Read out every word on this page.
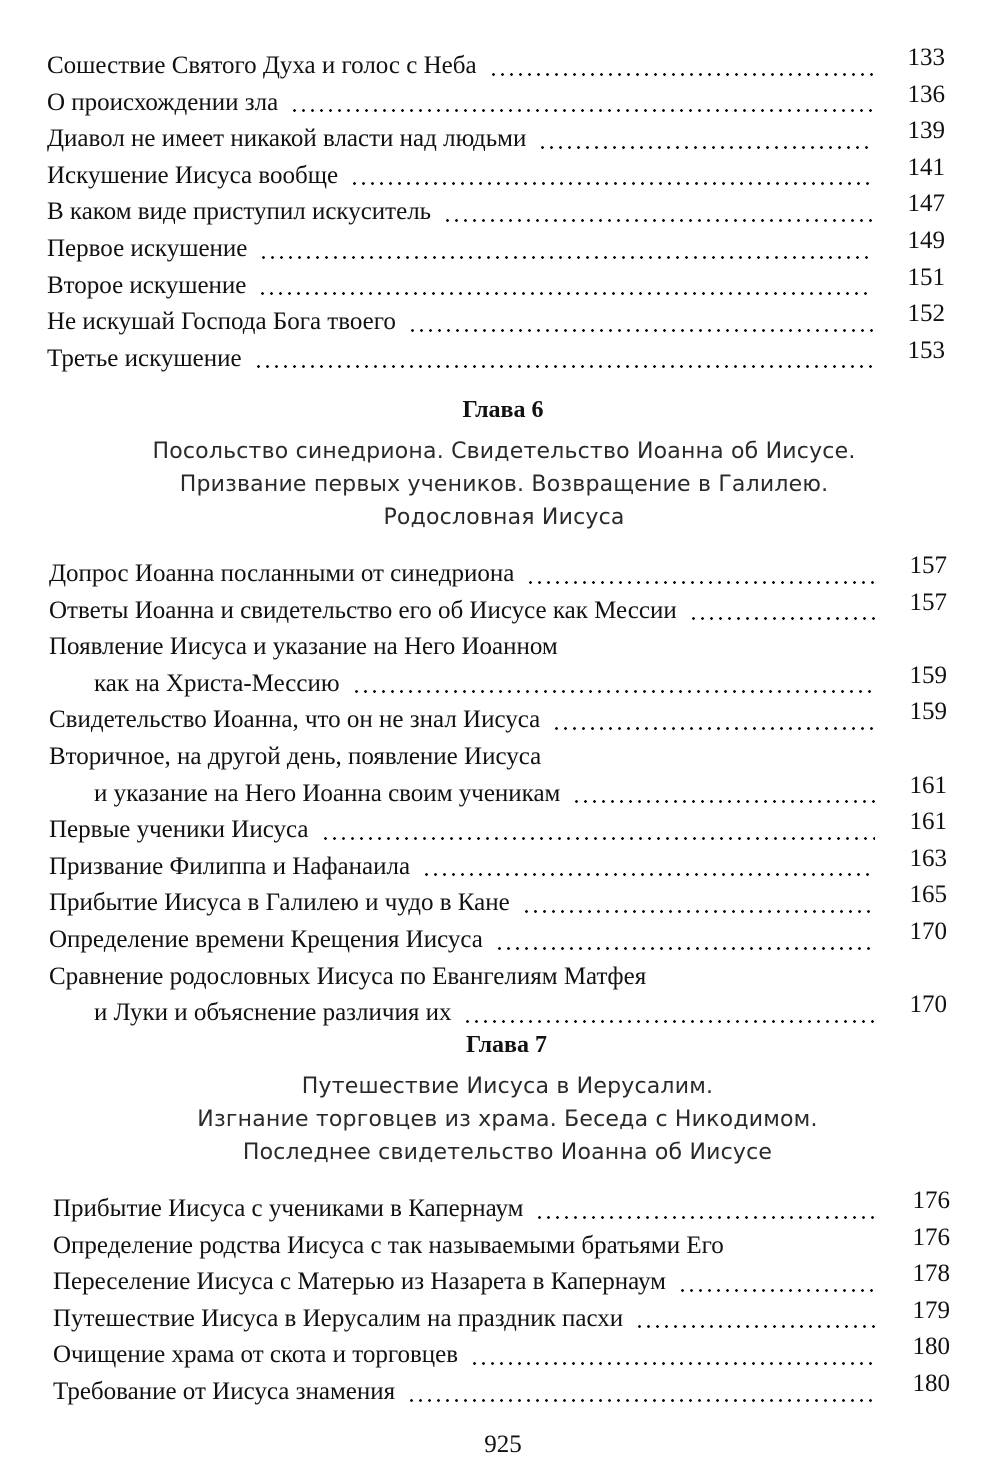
Сошествие Святого Духа и голос с Неба	133
О происхождении зла	136
Диавол не имеет никакой власти над людьми	139
Искушение Иисуса вообще	141
В каком виде приступил искуситель	147
Первое искушение	149
Второе искушение	151
Не искушай Господа Бога твоего	152
Третье искушение	153
Глава 6
Посольство синедриона. Свидетельство Иоанна об Иисусе.
Призвание первых учеников. Возвращение в Галилею.
Родословная Иисуса
Допрос Иоанна посланными от синедриона	157
Ответы Иоанна и свидетельство его об Иисусе как Мессии	157
Появление Иисуса и указание на Него Иоанном
как на Христа-Мессию	159
Свидетельство Иоанна, что он не знал Иисуса	159
Вторичное, на другой день, появление Иисуса
и указание на Него Иоанна своим ученикам	161
Первые ученики Иисуса	161
Призвание Филиппа и Нафанаила	163
Прибытие Иисуса в Галилею и чудо в Кане	165
Определение времени Крещения Иисуса	170
Сравнение родословных Иисуса по Евангелиям Матфея
и Луки и объяснение различия их	170
Глава 7
Путешествие Иисуса в Иерусалим.
Изгнание торговцев из храма. Беседа с Никодимом.
Последнее свидетельство Иоанна об Иисусе
Прибытие Иисуса с учениками в Капернаум	176
Определение родства Иисуса с так называемыми братьями Его	176
Переселение Иисуса с Матерью из Назарета в Капернаум	178
Путешествие Иисуса в Иерусалим на праздник пасхи	179
Очищение храма от скота и торговцев	180
Требование от Иисуса знамения	180
925
